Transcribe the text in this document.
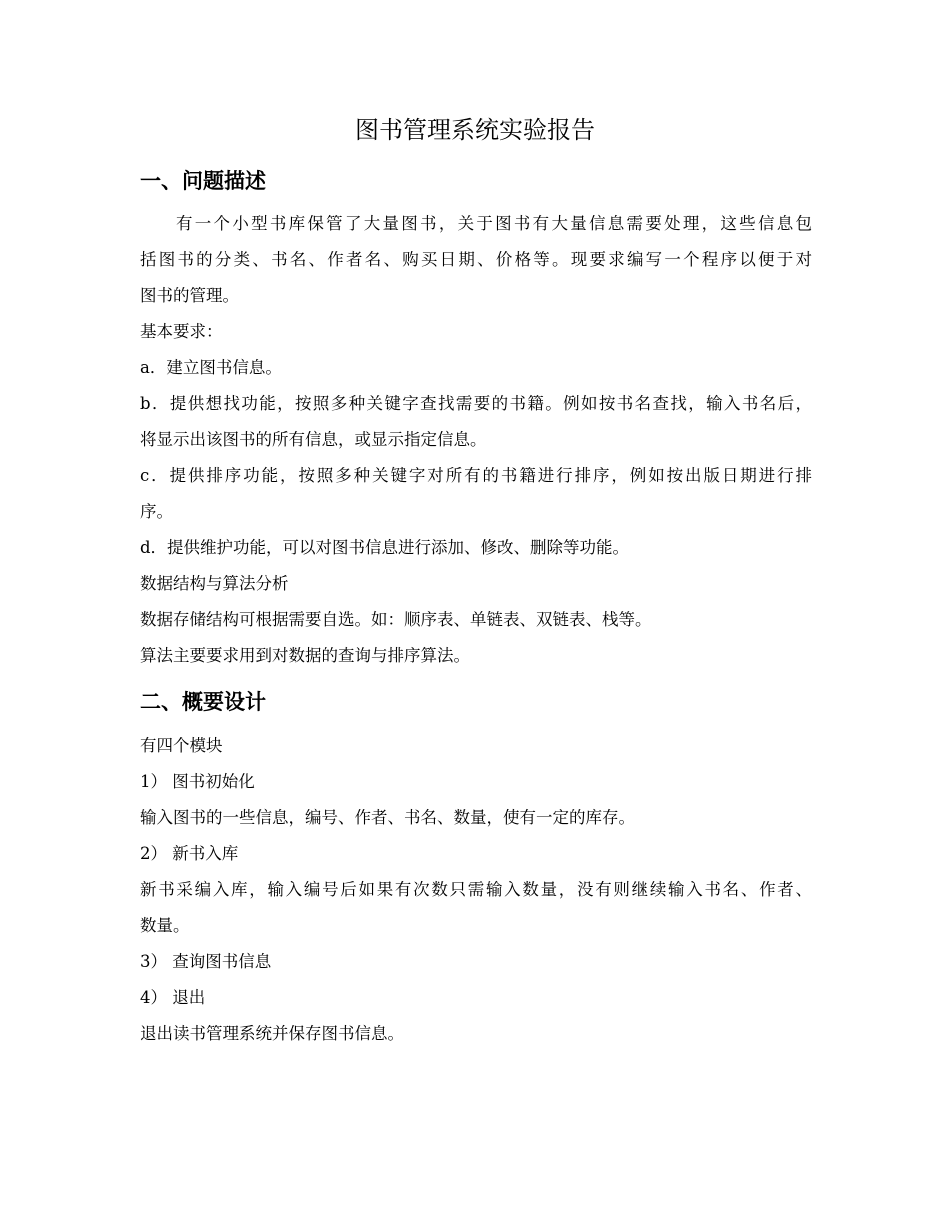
图书管理系统实验报告
一、问题描述
有一个小型书库保管了大量图书，关于图书有大量信息需要处理，这些信息包
括图书的分类、书名、作者名、购买日期、价格等。现要求编写一个程序以便于对
图书的管理。
基本要求：
a．建立图书信息。
b．提供想找功能，按照多种关键字查找需要的书籍。例如按书名查找，输入书名后，
将显示出该图书的所有信息，或显示指定信息。
c．提供排序功能，按照多种关键字对所有的书籍进行排序，例如按出版日期进行排
序。
d．提供维护功能，可以对图书信息进行添加、修改、删除等功能。
数据结构与算法分析
数据存储结构可根据需要自选。如：顺序表、单链表、双链表、栈等。
算法主要要求用到对数据的查询与排序算法。
二、概要设计
有四个模块
1） 图书初始化
输入图书的一些信息，编号、作者、书名、数量，使有一定的库存。
2） 新书入库
新书采编入库，输入编号后如果有次数只需输入数量，没有则继续输入书名、作者、
数量。
3） 查询图书信息
4） 退出
退出读书管理系统并保存图书信息。
